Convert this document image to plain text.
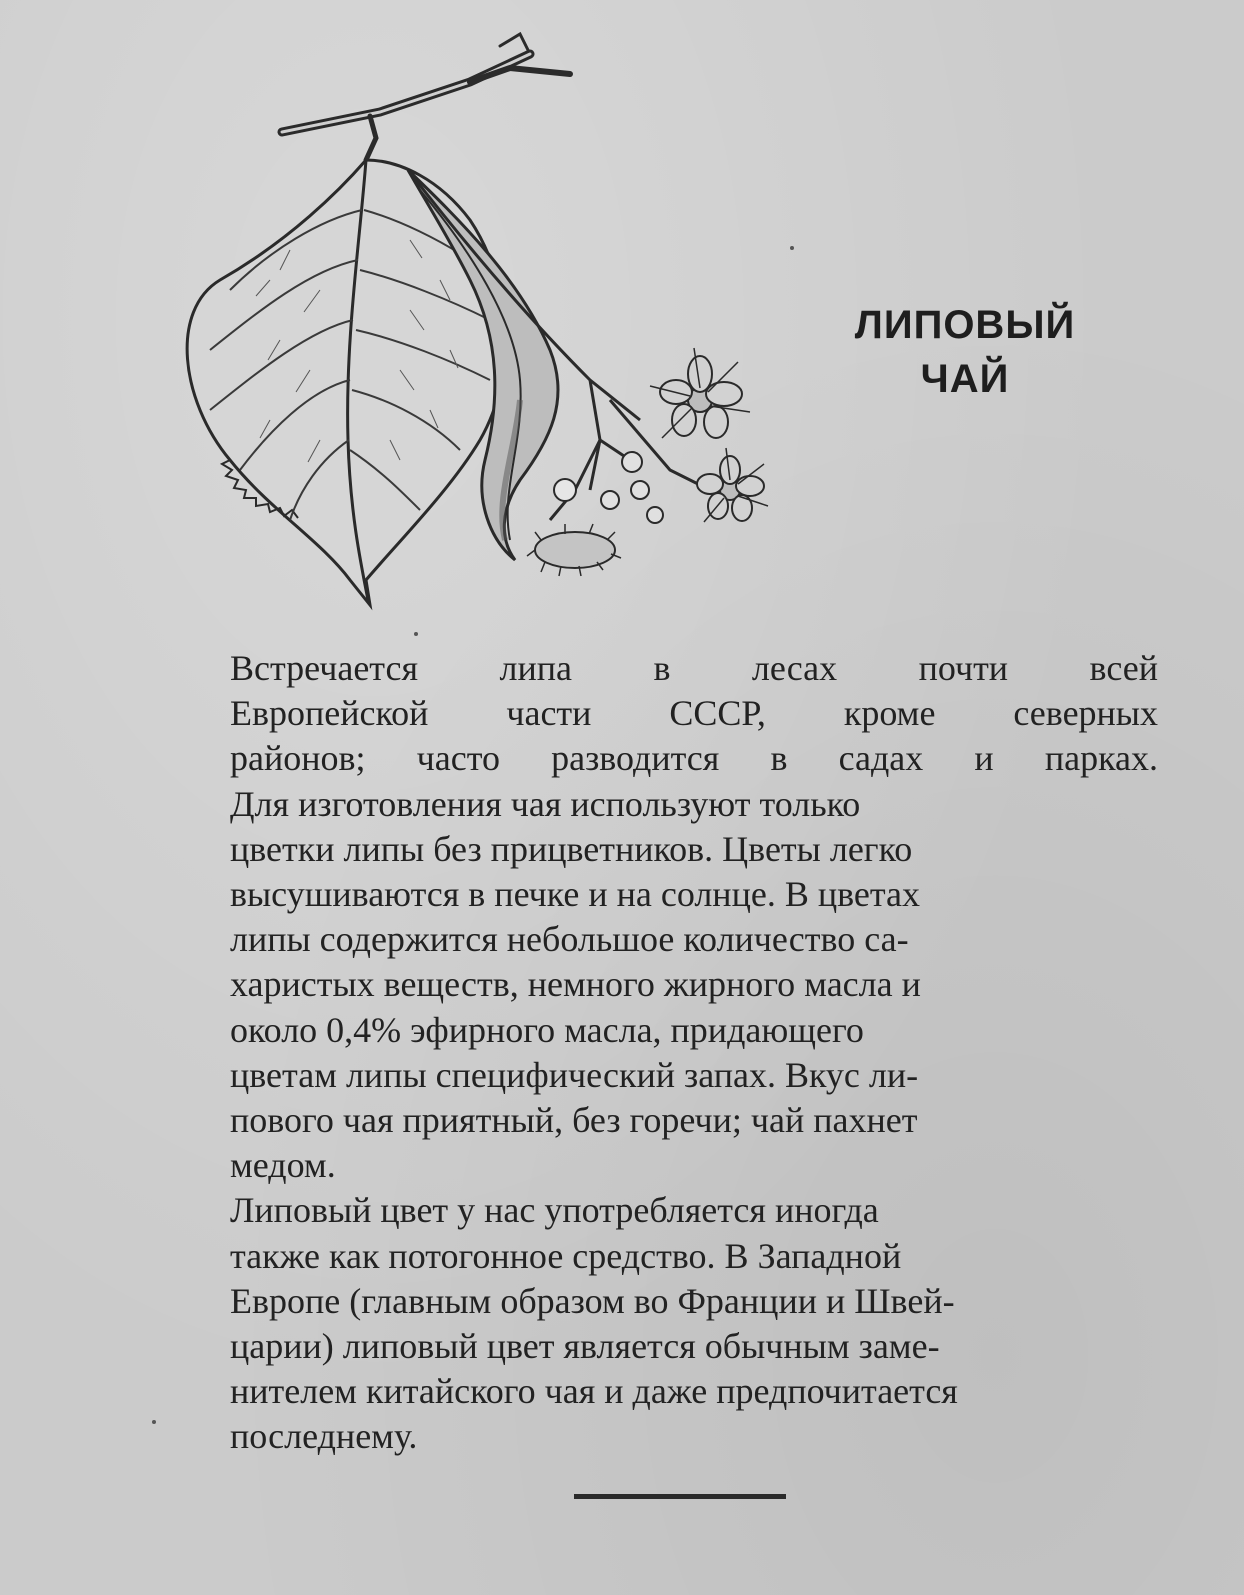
ЛИПОВЫЙ
ЧАЙ

Встречается липа в лесах почти всей
Европейской части СССР, кроме северных
районов; часто разводится в садах и парках.

Для изготовления чая используют только
цветки липы без прицветников. Цветы легко
высушиваются в печке и на солнце. В цветах
липы содержится небольшое количество са-
харистых веществ, немного жирного масла и
около 0,4% эфирного масла, придающего
цветам липы специфический запах. Вкус ли-
пового чая приятный, без горечи; чай пахнет
медом.

Липовый цвет у нас употребляется иногда
также как потогонное средство. В Западной
Европе (главным образом во Франции и Швей-
царии) липовый цвет является обычным заме-
нителем китайского чая и даже предпочитается
последнему.
